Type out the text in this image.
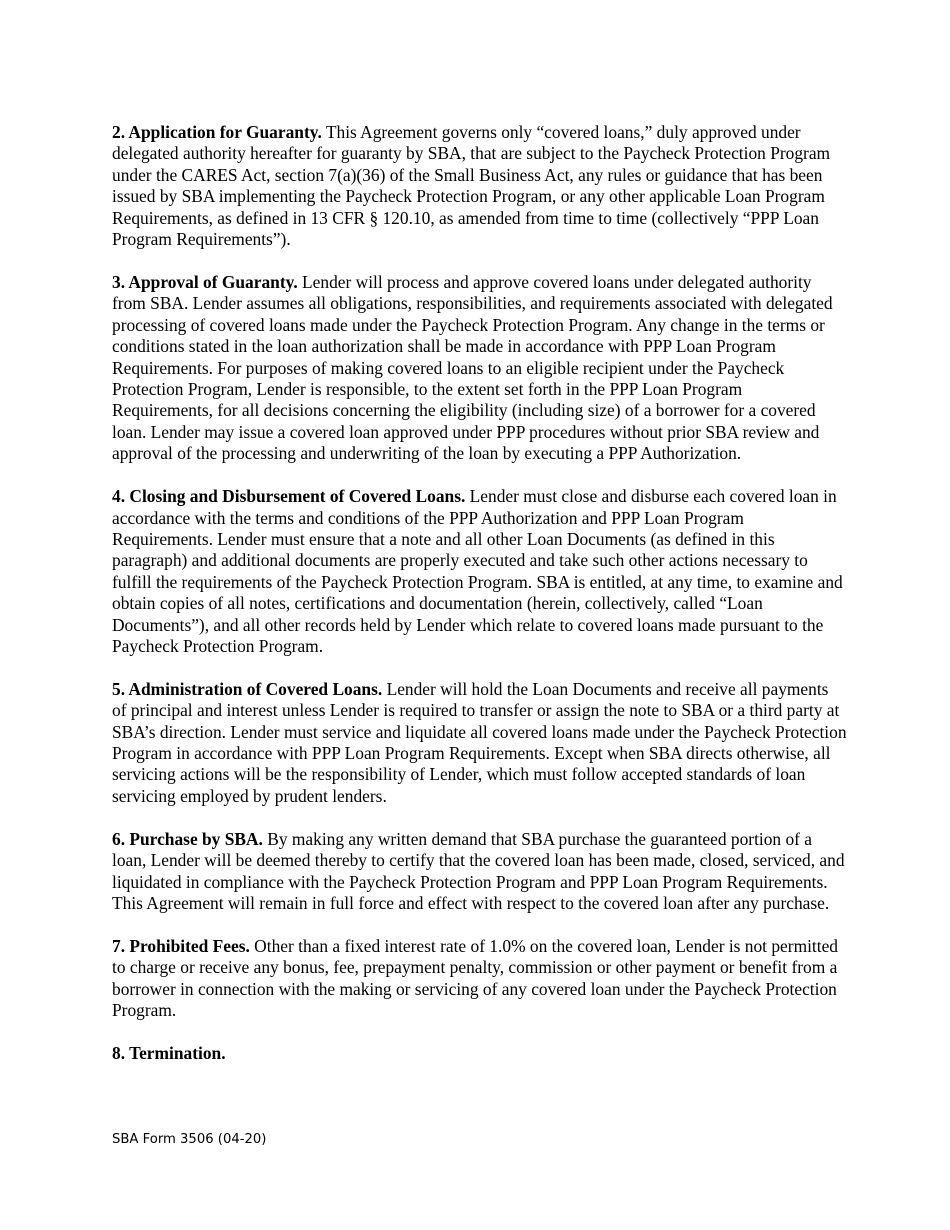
2. Application for Guaranty. This Agreement governs only “covered loans,” duly approved under delegated authority hereafter for guaranty by SBA, that are subject to the Paycheck Protection Program under the CARES Act, section 7(a)(36) of the Small Business Act, any rules or guidance that has been issued by SBA implementing the Paycheck Protection Program, or any other applicable Loan Program Requirements, as defined in 13 CFR § 120.10, as amended from time to time (collectively “PPP Loan Program Requirements”).

3. Approval of Guaranty. Lender will process and approve covered loans under delegated authority from SBA. Lender assumes all obligations, responsibilities, and requirements associated with delegated processing of covered loans made under the Paycheck Protection Program. Any change in the terms or conditions stated in the loan authorization shall be made in accordance with PPP Loan Program Requirements. For purposes of making covered loans to an eligible recipient under the Paycheck Protection Program, Lender is responsible, to the extent set forth in the PPP Loan Program Requirements, for all decisions concerning the eligibility (including size) of a borrower for a covered loan. Lender may issue a covered loan approved under PPP procedures without prior SBA review and approval of the processing and underwriting of the loan by executing a PPP Authorization.

4. Closing and Disbursement of Covered Loans. Lender must close and disburse each covered loan in accordance with the terms and conditions of the PPP Authorization and PPP Loan Program Requirements. Lender must ensure that a note and all other Loan Documents (as defined in this paragraph) and additional documents are properly executed and take such other actions necessary to fulfill the requirements of the Paycheck Protection Program. SBA is entitled, at any time, to examine and obtain copies of all notes, certifications and documentation (herein, collectively, called “Loan Documents”), and all other records held by Lender which relate to covered loans made pursuant to the Paycheck Protection Program.

5. Administration of Covered Loans. Lender will hold the Loan Documents and receive all payments of principal and interest unless Lender is required to transfer or assign the note to SBA or a third party at SBA’s direction. Lender must service and liquidate all covered loans made under the Paycheck Protection Program in accordance with PPP Loan Program Requirements. Except when SBA directs otherwise, all servicing actions will be the responsibility of Lender, which must follow accepted standards of loan servicing employed by prudent lenders.

6. Purchase by SBA. By making any written demand that SBA purchase the guaranteed portion of a loan, Lender will be deemed thereby to certify that the covered loan has been made, closed, serviced, and liquidated in compliance with the Paycheck Protection Program and PPP Loan Program Requirements. This Agreement will remain in full force and effect with respect to the covered loan after any purchase.

7. Prohibited Fees. Other than a fixed interest rate of 1.0% on the covered loan, Lender is not permitted to charge or receive any bonus, fee, prepayment penalty, commission or other payment or benefit from a borrower in connection with the making or servicing of any covered loan under the Paycheck Protection Program.

8. Termination.

SBA Form 3506 (04-20)
